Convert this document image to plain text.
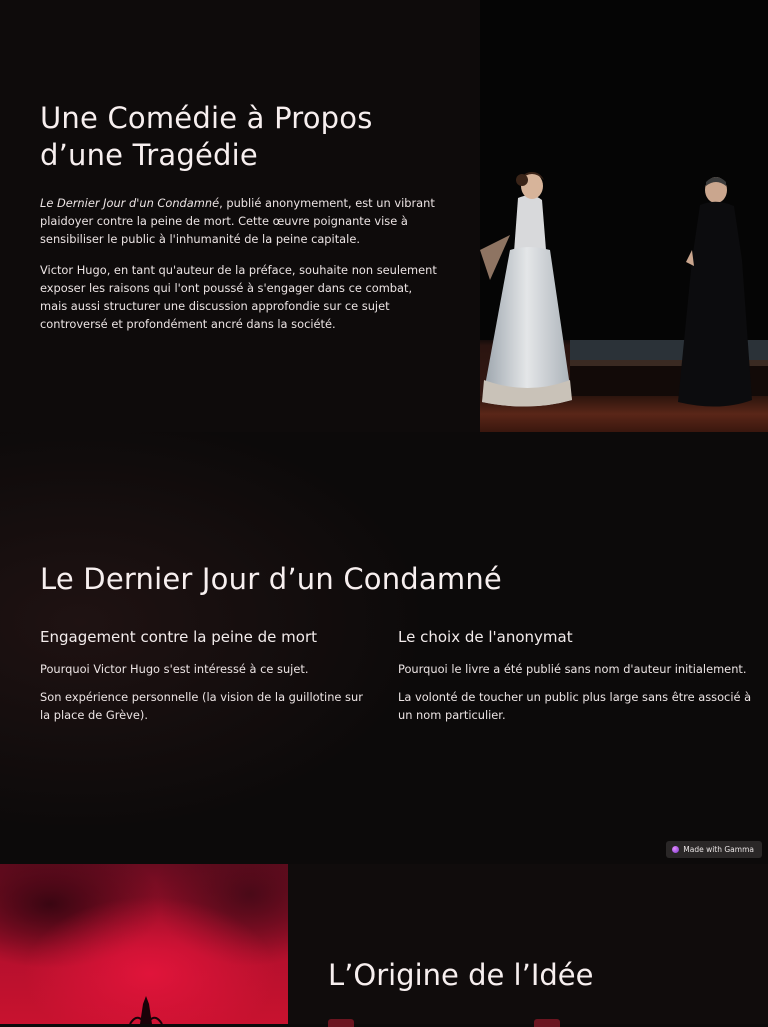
Une Comédie à Propos
d’une Tragédie

Le Dernier Jour d'un Condamné, publié anonymement, est un vibrant plaidoyer contre la peine de mort. Cette œuvre poignante vise à sensibiliser le public à l'inhumanité de la peine capitale.

Victor Hugo, en tant qu'auteur de la préface, souhaite non seulement exposer les raisons qui l'ont poussé à s'engager dans ce combat, mais aussi structurer une discussion approfondie sur ce sujet controversé et profondément ancré dans la société.

Le Dernier Jour d’un Condamné
Engagement contre la peine de mort

Pourquoi Victor Hugo s'est intéressé à ce sujet.

Son expérience personnelle (la vision de la guillotine sur la place de Grève).

Le choix de l'anonymat

Pourquoi le livre a été publié sans nom d'auteur initialement.

La volonté de toucher un public plus large sans être associé à un nom particulier.

Made with Gamma
L’Origine de l’Idée
